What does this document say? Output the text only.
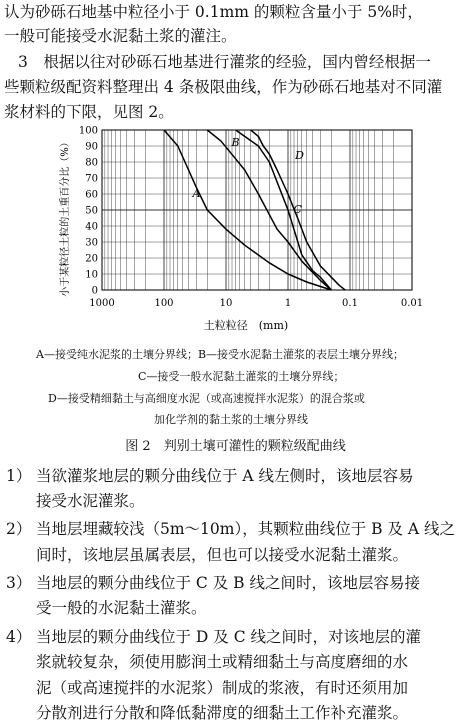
认为砂砾石地基中粒径小于 0.1mm 的颗粒含量小于 5%时，
一般可能接受水泥黏土浆的灌注。
3　根据以往对砂砾石地基进行灌浆的经验，国内曾经根据一
些颗粒级配资料整理出 4 条极限曲线，作为砂砾石地基对不同灌
浆材料的下限，见图 2。
100
90
80
70
60
50
40
30
20
10
0
1000	100	10	1	0.1	0.01
A
B
C
D
小于某粒径土粒的土重百分比（%）
土粒粒径　(mm)
A—接受纯水泥浆的土壤分界线；B—接受水泥黏土灌浆的表层土壤分界线；
C—接受一般水泥黏土灌浆的土壤分界线；
D—接受精细黏土与高细度水泥（或高速搅拌水泥浆）的混合浆或
加化学剂的黏土浆的土壤分界线
图 2　判别土壤可灌性的颗粒级配曲线
1） 当欲灌浆地层的颗分曲线位于 A 线左侧时，该地层容易
接受水泥灌浆。
2） 当地层埋藏较浅（5m～10m），其颗粒曲线位于 B 及 A 线之
间时，该地层虽属表层，但也可以接受水泥黏土灌浆。
3） 当地层的颗分曲线位于 C 及 B 线之间时，该地层容易接
受一般的水泥黏土灌浆。
4） 当地层的颗分曲线位于 D 及 C 线之间时，对该地层的灌
浆就较复杂，须使用膨润土或精细黏土与高度磨细的水
泥（或高速搅拌的水泥浆）制成的浆液，有时还须用加
分散剂进行分散和降低黏滞度的细黏土工作补充灌浆。
